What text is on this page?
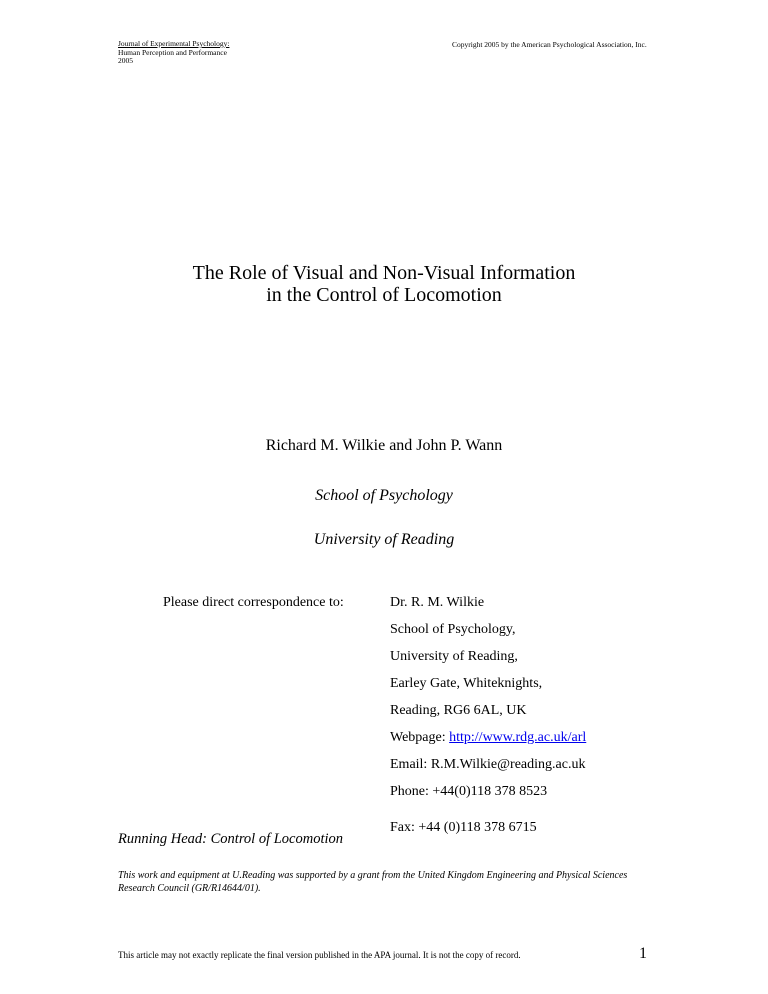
Journal of Experimental Psychology:
Human Perception and Performance
2005
Copyright 2005 by the American Psychological Association, Inc.
The Role of Visual and Non-Visual Information
in the Control of Locomotion
Richard M. Wilkie and John P. Wann
School of Psychology
University of Reading
Please direct correspondence to:	Dr. R. M. Wilkie
School of Psychology,
University of Reading,
Earley Gate, Whiteknights,
Reading, RG6 6AL, UK
Webpage: http://www.rdg.ac.uk/arl
Email: R.M.Wilkie@reading.ac.uk
Phone: +44(0)118 378 8523
Fax: +44 (0)118 378 6715
Running Head: Control of Locomotion
This work and equipment at U.Reading was supported by a grant from the United Kingdom Engineering and Physical Sciences Research Council (GR/R14644/01).
This article may not exactly replicate the final version published in the APA journal. It is not the copy of record.	1
